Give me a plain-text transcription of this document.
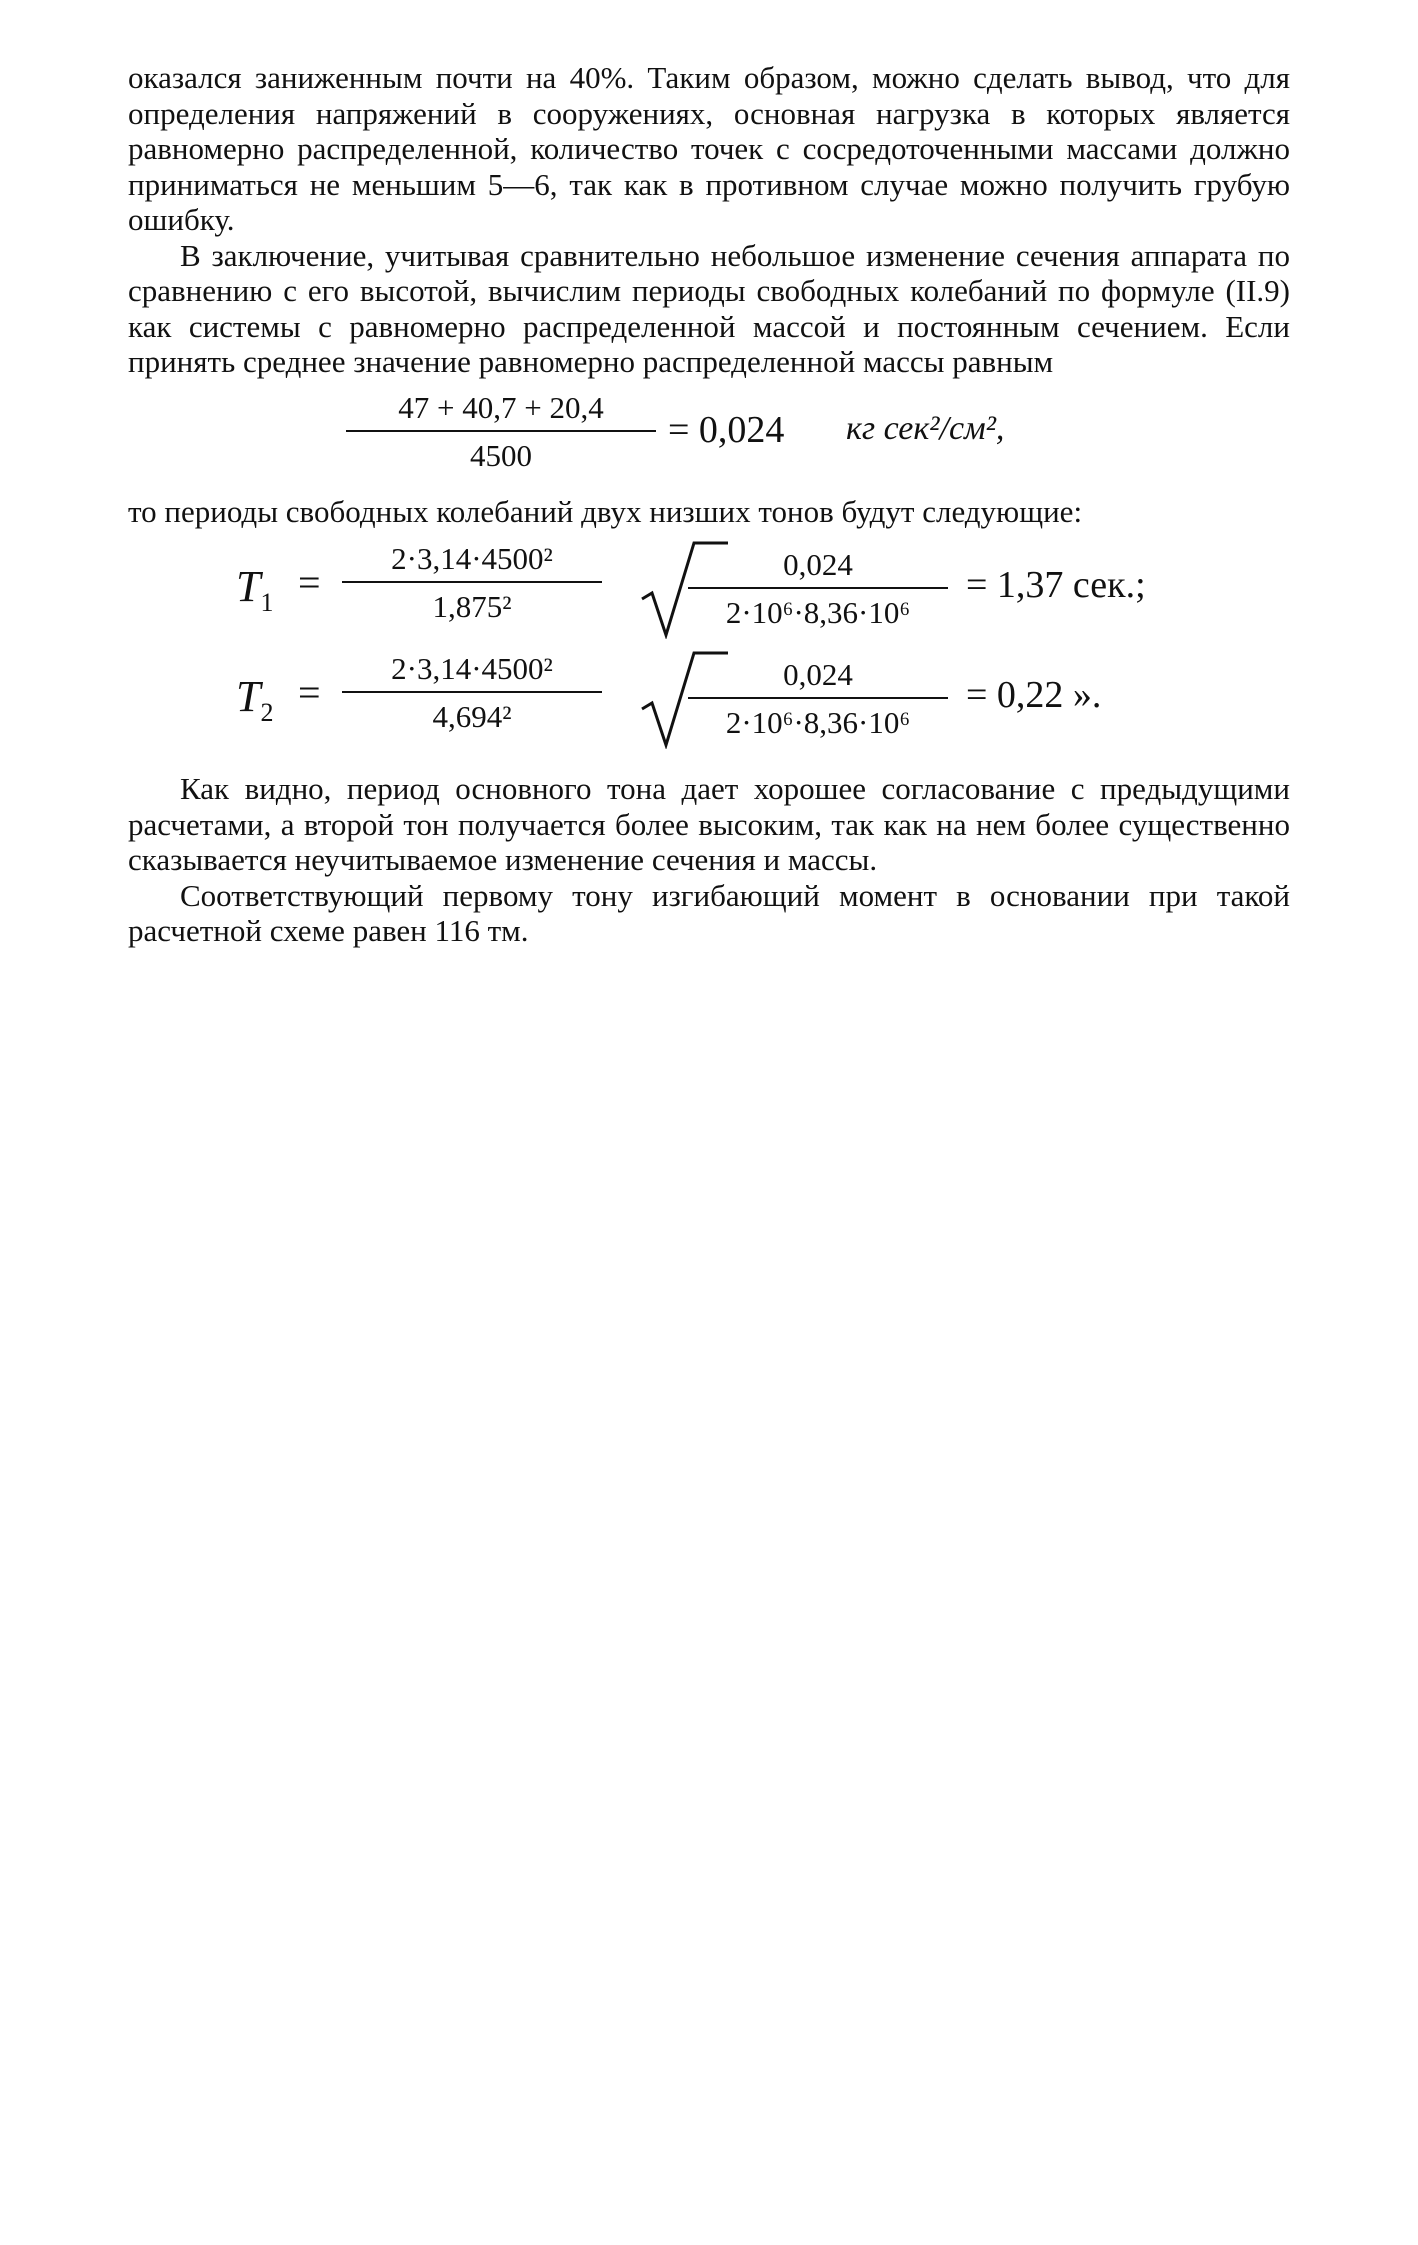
оказался заниженным почти на 40%. Таким образом, можно сделать вывод, что для определения напряжений в сооружениях, основная нагрузка в которых является равномерно распределенной, количество точек с сосредоточенными массами должно приниматься не меньшим 5—6, так как в противном случае можно получить грубую ошибку.

В заключение, учитывая сравнительно небольшое изменение сечения аппарата по сравнению с его высотой, вычислим периоды свободных колебаний по формуле (II.9) как системы с равномерно распределенной массой и постоянным сечением. Если принять среднее значение равномерно распределенной массы равным

47 + 40,7 + 20,4
4500
= 0,024 кг сек²/см²,

то периоды свободных колебаний двух низших тонов будут следующие:

$T_1$ =
2·3,14·4500²
1,875²
0,024
2·10⁶·8,36·10⁶
= 1,37 сек.;
$T_2$ =
2·3,14·4500²
4,694²
0,024
2·10⁶·8,36·10⁶
= 0,22 ».

Как видно, период основного тона дает хорошее согласование с предыдущими расчетами, а второй тон получается более высоким, так как на нем более существенно сказывается неучитываемое изменение сечения и массы.

Соответствующий первому тону изгибающий момент в основании при такой расчетной схеме равен 116 тм.
